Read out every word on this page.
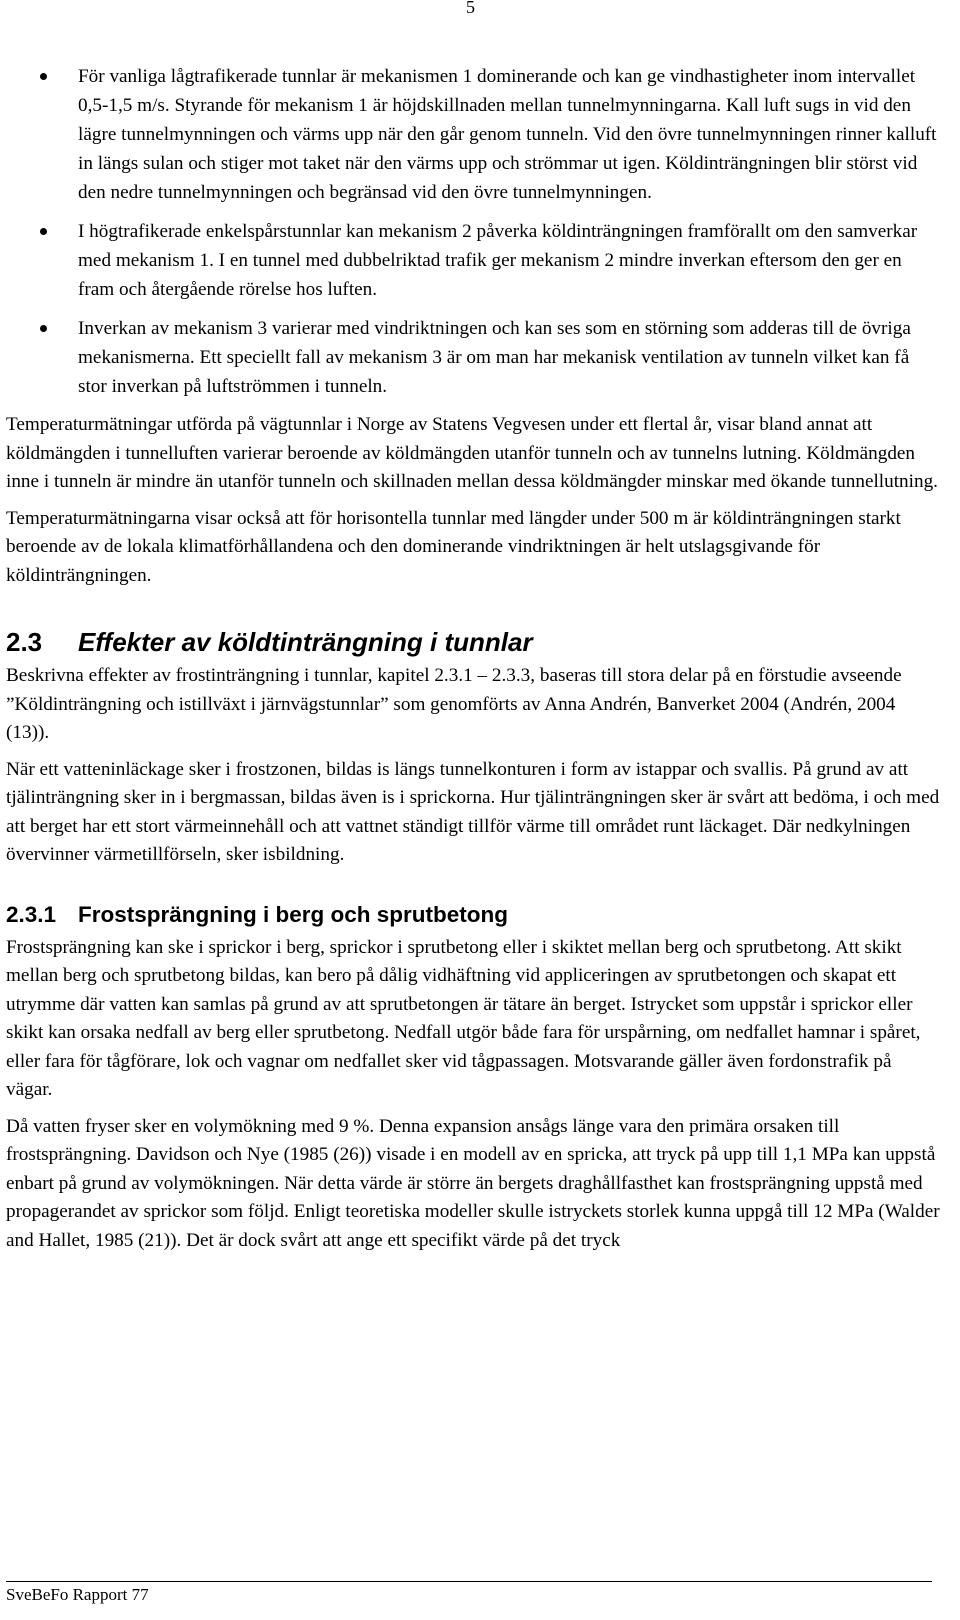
5
För vanliga lågtrafikerade tunnlar är mekanismen 1 dominerande och kan ge vindhastigheter inom intervallet 0,5-1,5 m/s. Styrande för mekanism 1 är höjdskillnaden mellan tunnelmynningarna. Kall luft sugs in vid den lägre tunnelmynningen och värms upp när den går genom tunneln. Vid den övre tunnelmynningen rinner kalluft in längs sulan och stiger mot taket när den värms upp och strömmar ut igen. Köldinträngningen blir störst vid den nedre tunnelmynningen och begränsad vid den övre tunnelmynningen.
I högtrafikerade enkelspårstunnlar kan mekanism 2 påverka köldinträngningen framförallt om den samverkar med mekanism 1. I en tunnel med dubbelriktad trafik ger mekanism 2 mindre inverkan eftersom den ger en fram och återgående rörelse hos luften.
Inverkan av mekanism 3 varierar med vindriktningen och kan ses som en störning som adderas till de övriga mekanismerna. Ett speciellt fall av mekanism 3 är om man har mekanisk ventilation av tunneln vilket kan få stor inverkan på luftströmmen i tunneln.

Temperaturmätningar utförda på vägtunnlar i Norge av Statens Vegvesen under ett flertal år, visar bland annat att köldmängden i tunnelluften varierar beroende av köldmängden utanför tunneln och av tunnelns lutning. Köldmängden inne i tunneln är mindre än utanför tunneln och skillnaden mellan dessa köldmängder minskar med ökande tunnellutning.

Temperaturmätningarna visar också att för horisontella tunnlar med längder under 500 m är köldinträngningen starkt beroende av de lokala klimatförhållandena och den dominerande vindriktningen är helt utslagsgivande för köldinträngningen.

2.3	Effekter av köldtinträngning i tunnlar

Beskrivna effekter av frostinträngning i tunnlar, kapitel 2.3.1 – 2.3.3, baseras till stora delar på en förstudie avseende ”Köldinträngning och istillväxt i järnvägstunnlar” som genomförts av Anna Andrén, Banverket 2004 (Andrén, 2004 (13)).

När ett vatteninläckage sker i frostzonen, bildas is längs tunnelkonturen i form av istappar och svallis. På grund av att tjälinträngning sker in i bergmassan, bildas även is i sprickorna. Hur tjälinträngningen sker är svårt att bedöma, i och med att berget har ett stort värmeinnehåll och att vattnet ständigt tillför värme till området runt läckaget. Där nedkylningen övervinner värmetillförseln, sker isbildning.

2.3.1 Frostsprängning i berg och sprutbetong

Frostsprängning kan ske i sprickor i berg, sprickor i sprutbetong eller i skiktet mellan berg och sprutbetong. Att skikt mellan berg och sprutbetong bildas, kan bero på dålig vidhäftning vid appliceringen av sprutbetongen och skapat ett utrymme där vatten kan samlas på grund av att sprutbetongen är tätare än berget. Istrycket som uppstår i sprickor eller skikt kan orsaka nedfall av berg eller sprutbetong. Nedfall utgör både fara för urspårning, om nedfallet hamnar i spåret, eller fara för tågförare, lok och vagnar om nedfallet sker vid tågpassagen. Motsvarande gäller även fordonstrafik på vägar.

Då vatten fryser sker en volymökning med 9 %. Denna expansion ansågs länge vara den primära orsaken till frostsprängning. Davidson och Nye (1985 (26)) visade i en modell av en spricka, att tryck på upp till 1,1 MPa kan uppstå enbart på grund av volymökningen. När detta värde är större än bergets draghållfasthet kan frostsprängning uppstå med propagerandet av sprickor som följd. Enligt teoretiska modeller skulle istryckets storlek kunna uppgå till 12 MPa (Walder and Hallet, 1985 (21)). Det är dock svårt att ange ett specifikt värde på det tryck

SveBeFo Rapport 77
